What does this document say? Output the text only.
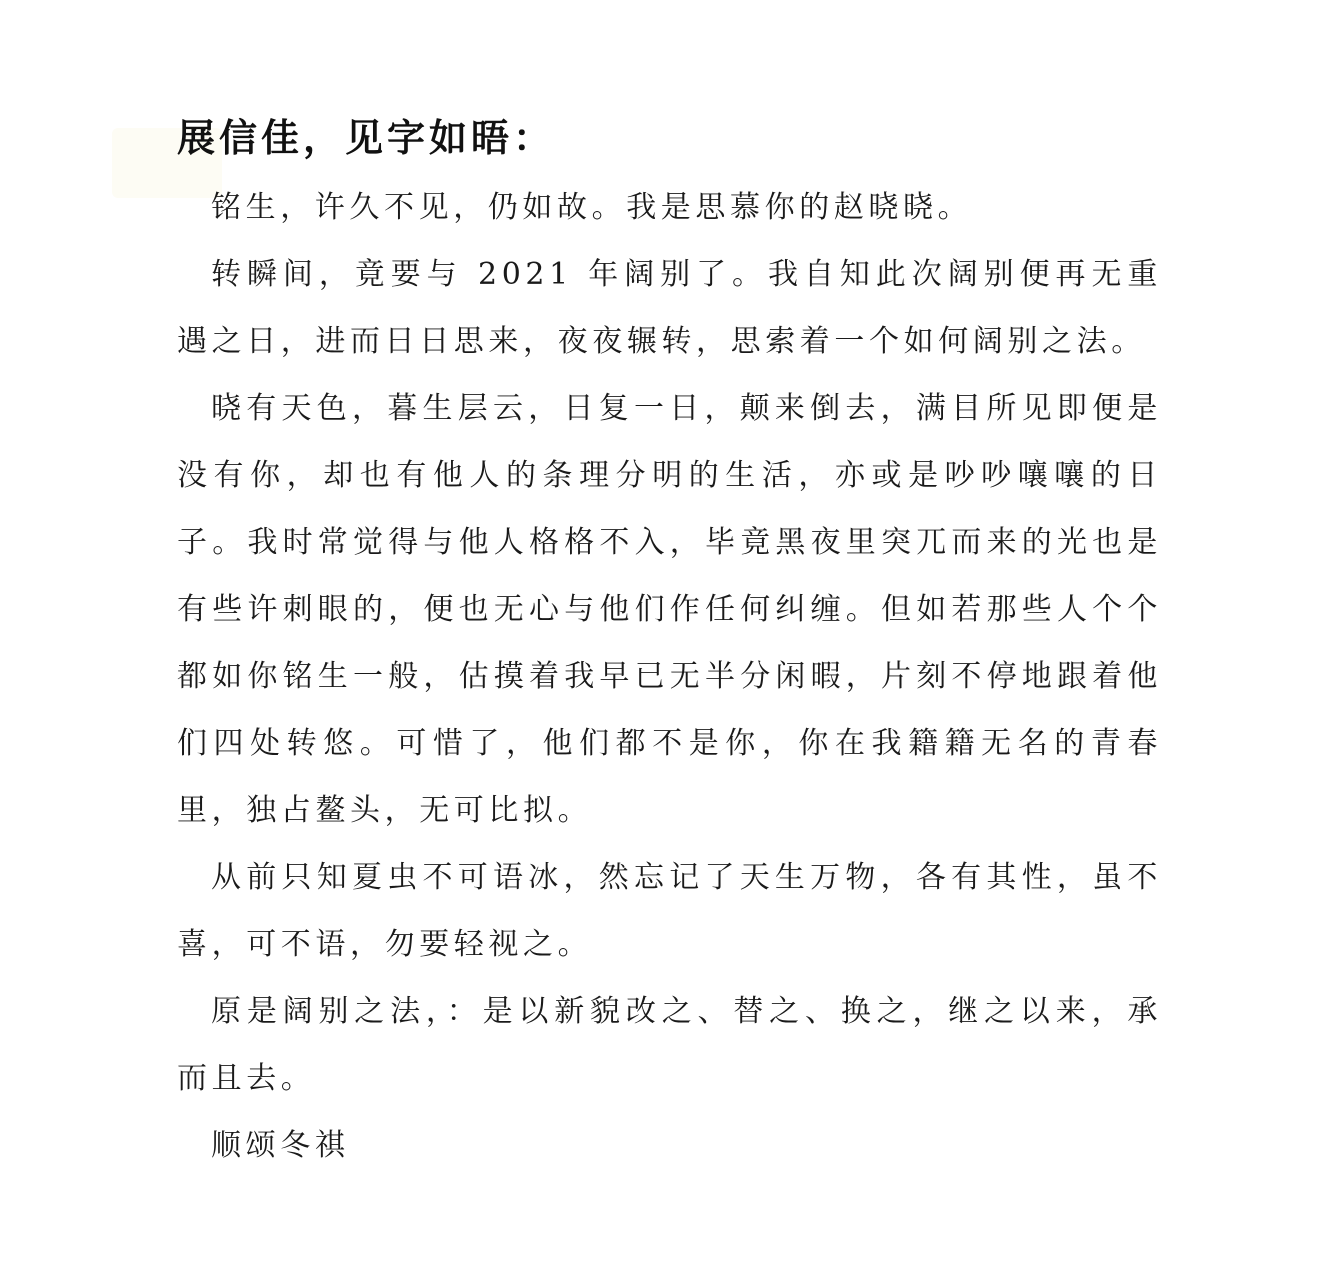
展信佳，见字如晤：

铭生，许久不见，仍如故。我是思慕你的赵晓晓。

转瞬间，竟要与 2021 年阔别了。我自知此次阔别便再无重遇之日，进而日日思来，夜夜辗转，思索着一个如何阔别之法。

晓有天色，暮生层云，日复一日，颠来倒去，满目所见即便是没有你，却也有他人的条理分明的生活，亦或是吵吵嚷嚷的日子。我时常觉得与他人格格不入，毕竟黑夜里突兀而来的光也是有些许刺眼的，便也无心与他们作任何纠缠。但如若那些人个个都如你铭生一般，估摸着我早已无半分闲暇，片刻不停地跟着他们四处转悠。可惜了，他们都不是你，你在我籍籍无名的青春里，独占鳌头，无可比拟。

从前只知夏虫不可语冰，然忘记了天生万物，各有其性，虽不喜，可不语，勿要轻视之。

原是阔别之法，：是以新貌改之、替之、换之，继之以来，承而且去。

顺颂冬祺
